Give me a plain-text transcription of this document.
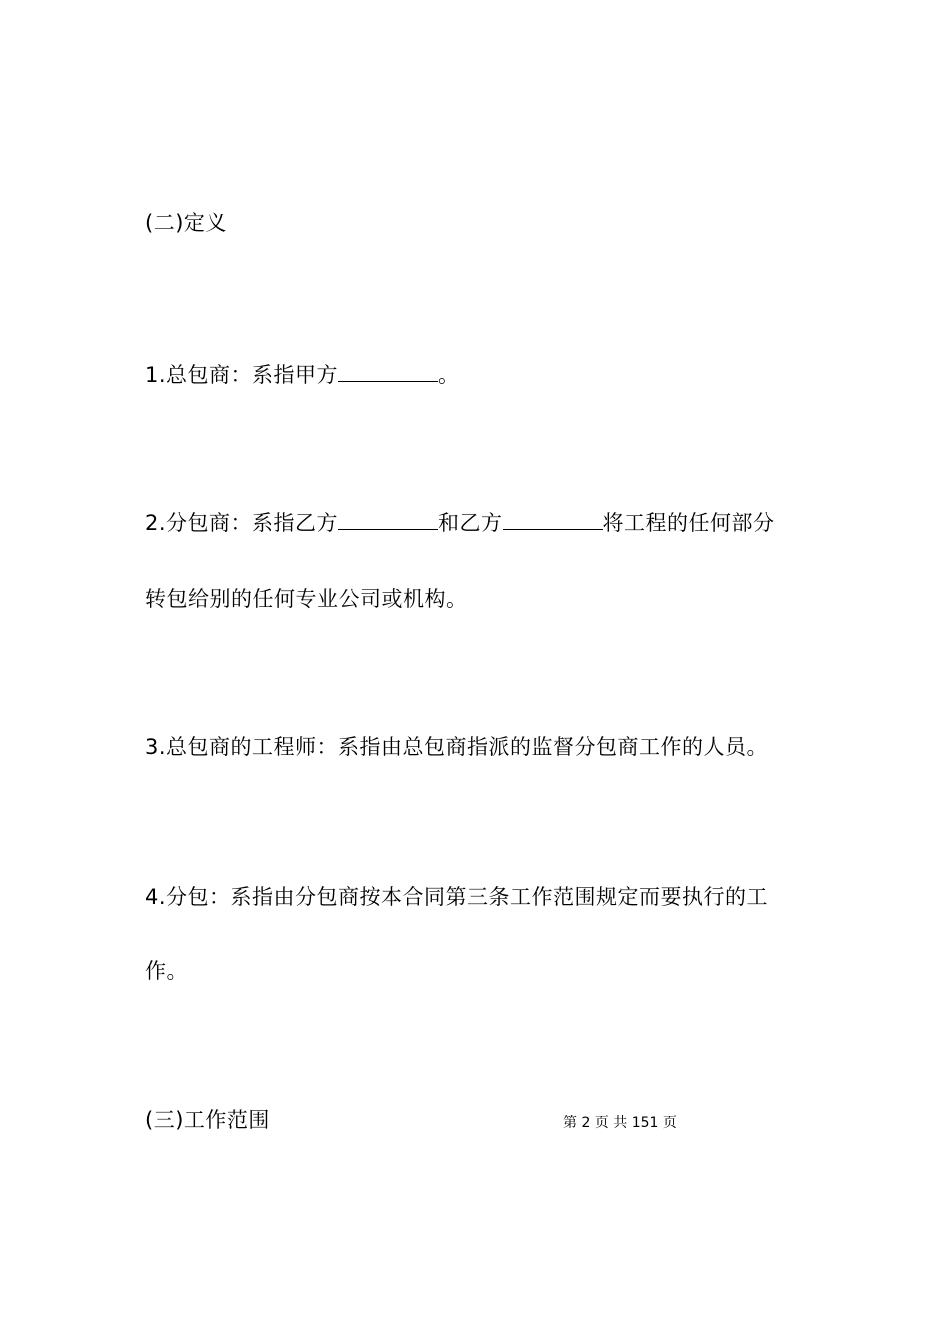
(二)定义
1.总包商：系指甲方	。
2.分包商：系指乙方	和乙方	将工程的任何部分
转包给别的任何专业公司或机构。
3.总包商的工程师：系指由总包商指派的监督分包商工作的人员。
4.分包：系指由分包商按本合同第三条工作范围规定而要执行的工
作。
(三)工作范围	第 2 页 共 151 页
